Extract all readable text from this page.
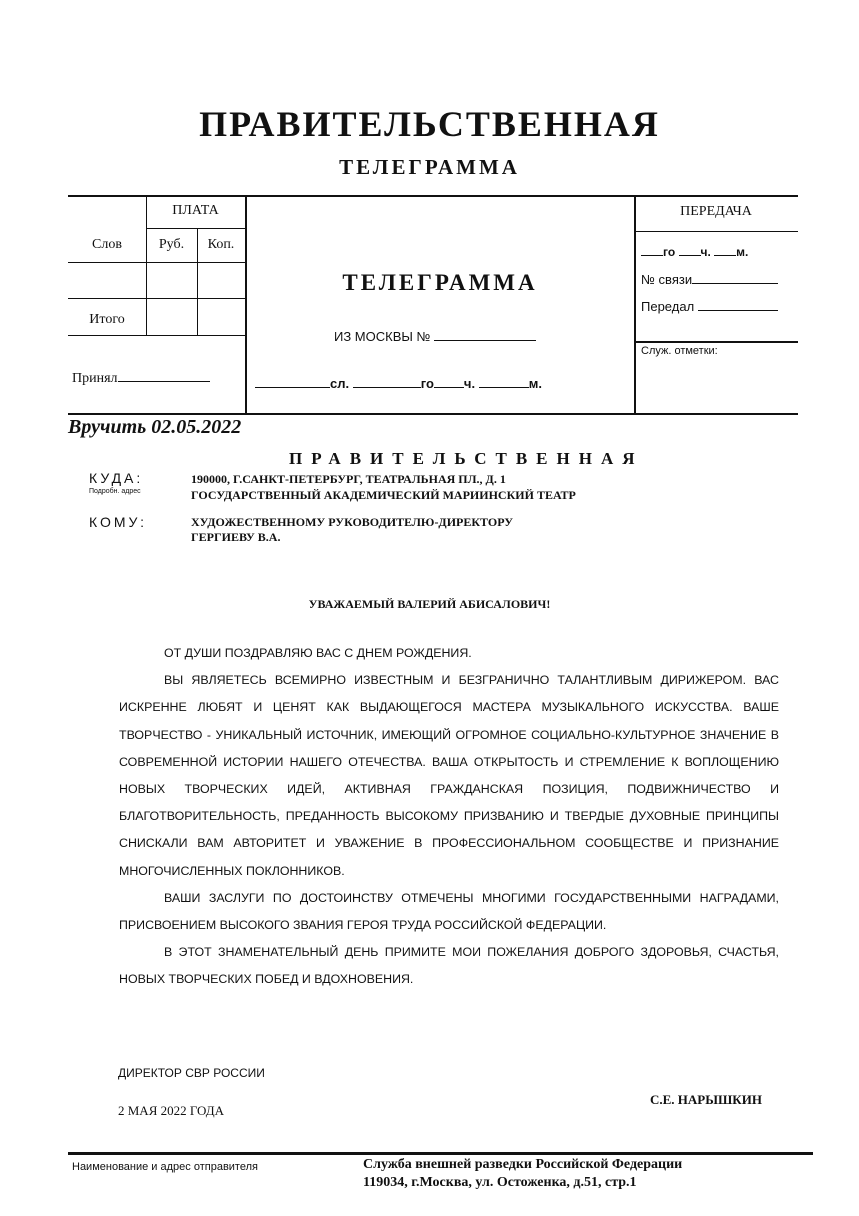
ПРАВИТЕЛЬСТВЕННАЯ
ТЕЛЕГРАММА
ПЛАТА
Слов	Руб.	Коп.
Итого
Принял
ТЕЛЕГРАММА
ИЗ МОСКВЫ №
сл.	го ч.	м.
ПЕРЕДАЧА
го ч. м.
№ связи
Передал
Служ. отметки:
Вручить 02.05.2022
ПРАВИТЕЛЬСТВЕННАЯ
КУДА:
Подробн. адрес
190000, Г.САНКТ-ПЕТЕРБУРГ, ТЕАТРАЛЬНАЯ ПЛ., Д. 1
ГОСУДАРСТВЕННЫЙ АКАДЕМИЧЕСКИЙ МАРИИНСКИЙ ТЕАТР
КОМУ:	ХУДОЖЕСТВЕННОМУ РУКОВОДИТЕЛЮ-ДИРЕКТОРУ
ГЕРГИЕВУ В.А.
УВАЖАЕМЫЙ ВАЛЕРИЙ АБИСАЛОВИЧ!

ОТ ДУШИ ПОЗДРАВЛЯЮ ВАС С ДНЕМ РОЖДЕНИЯ.

ВЫ ЯВЛЯЕТЕСЬ ВСЕМИРНО ИЗВЕСТНЫМ И БЕЗГРАНИЧНО ТАЛАНТЛИВЫМ ДИРИЖЕРОМ. ВАС ИСКРЕННЕ ЛЮБЯТ И ЦЕНЯТ КАК ВЫДАЮЩЕГОСЯ МАСТЕРА МУЗЫКАЛЬНОГО ИСКУССТВА. ВАШЕ ТВОРЧЕСТВО - УНИКАЛЬНЫЙ ИСТОЧНИК, ИМЕЮЩИЙ ОГРОМНОЕ СОЦИАЛЬНО-КУЛЬТУРНОЕ ЗНАЧЕНИЕ В СОВРЕМЕННОЙ ИСТОРИИ НАШЕГО ОТЕЧЕСТВА. ВАША ОТКРЫТОСТЬ И СТРЕМЛЕНИЕ К ВОПЛОЩЕНИЮ НОВЫХ ТВОРЧЕСКИХ ИДЕЙ, АКТИВНАЯ ГРАЖДАНСКАЯ ПОЗИЦИЯ, ПОДВИЖНИЧЕСТВО И БЛАГОТВОРИТЕЛЬНОСТЬ, ПРЕДАННОСТЬ ВЫСОКОМУ ПРИЗВАНИЮ И ТВЕРДЫЕ ДУХОВНЫЕ ПРИНЦИПЫ СНИСКАЛИ ВАМ АВТОРИТЕТ И УВАЖЕНИЕ В ПРОФЕССИОНАЛЬНОМ СООБЩЕСТВЕ И ПРИЗНАНИЕ МНОГОЧИСЛЕННЫХ ПОКЛОННИКОВ.

ВАШИ ЗАСЛУГИ ПО ДОСТОИНСТВУ ОТМЕЧЕНЫ МНОГИМИ ГОСУДАРСТВЕННЫМИ НАГРАДАМИ, ПРИСВОЕНИЕМ ВЫСОКОГО ЗВАНИЯ ГЕРОЯ ТРУДА РОССИЙСКОЙ ФЕДЕРАЦИИ.

В ЭТОТ ЗНАМЕНАТЕЛЬНЫЙ ДЕНЬ ПРИМИТЕ МОИ ПОЖЕЛАНИЯ ДОБРОГО ЗДОРОВЬЯ, СЧАСТЬЯ, НОВЫХ ТВОРЧЕСКИХ ПОБЕД И ВДОХНОВЕНИЯ.

ДИРЕКТОР СВР РОССИИ
2 МАЯ 2022 ГОДА
С.Е. НАРЫШКИН
Наименование и адрес отправителя	Служба внешней разведки Российской Федерации
119034, г.Москва, ул. Остоженка, д.51, стр.1
